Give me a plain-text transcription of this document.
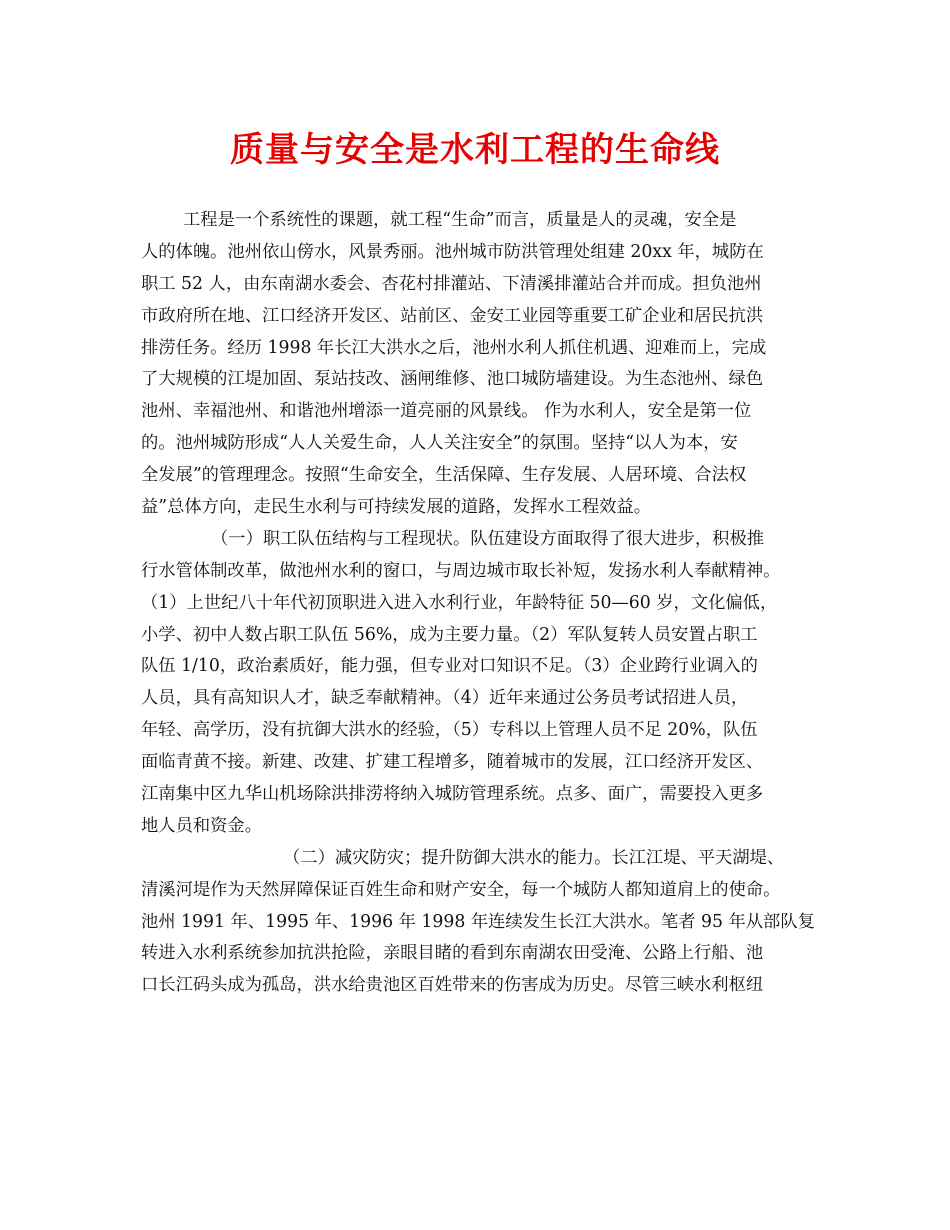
质量与安全是水利工程的生命线
工程是一个系统性的课题，就工程“生命”而言，质量是人的灵魂，安全是
人的体魄。池州依山傍水，风景秀丽。池州城市防洪管理处组建 20xx 年，城防在
职工 52 人，由东南湖水委会、杏花村排灌站、下清溪排灌站合并而成。担负池州
市政府所在地、江口经济开发区、站前区、金安工业园等重要工矿企业和居民抗洪
排涝任务。经历 1998 年长江大洪水之后，池州水利人抓住机遇、迎难而上，完成
了大规模的江堤加固、泵站技改、涵闸维修、池口城防墙建设。为生态池州、绿色
池州、幸福池州、和谐池州增添一道亮丽的风景线。 作为水利人，安全是第一位
的。池州城防形成“人人关爱生命，人人关注安全”的氛围。坚持“以人为本，安
全发展”的管理理念。按照“生命安全，生活保障、生存发展、人居环境、合法权
益”总体方向，走民生水利与可持续发展的道路，发挥水工程效益。
（一）职工队伍结构与工程现状。队伍建设方面取得了很大进步，积极推
行水管体制改革，做池州水利的窗口，与周边城市取长补短，发扬水利人奉献精神。
（1）上世纪八十年代初顶职进入进入水利行业，年龄特征 50—60 岁，文化偏低，
小学、初中人数占职工队伍 56%，成为主要力量。（2）军队复转人员安置占职工
队伍 1/10，政治素质好，能力强，但专业对口知识不足。（3）企业跨行业调入的
人员，具有高知识人才，缺乏奉献精神。（4）近年来通过公务员考试招进人员，
年轻、高学历，没有抗御大洪水的经验，（5）专科以上管理人员不足 20%，队伍
面临青黄不接。新建、改建、扩建工程增多，随着城市的发展，江口经济开发区、
江南集中区九华山机场除洪排涝将纳入城防管理系统。点多、面广，需要投入更多
地人员和资金。
（二）减灾防灾；提升防御大洪水的能力。长江江堤、平天湖堤、
清溪河堤作为天然屏障保证百姓生命和财产安全，每一个城防人都知道肩上的使命。
池州 1991 年、1995 年、1996 年 1998 年连续发生长江大洪水。笔者 95 年从部队复
转进入水利系统参加抗洪抢险，亲眼目睹的看到东南湖农田受淹、公路上行船、池
口长江码头成为孤岛，洪水给贵池区百姓带来的伤害成为历史。尽管三峡水利枢纽
